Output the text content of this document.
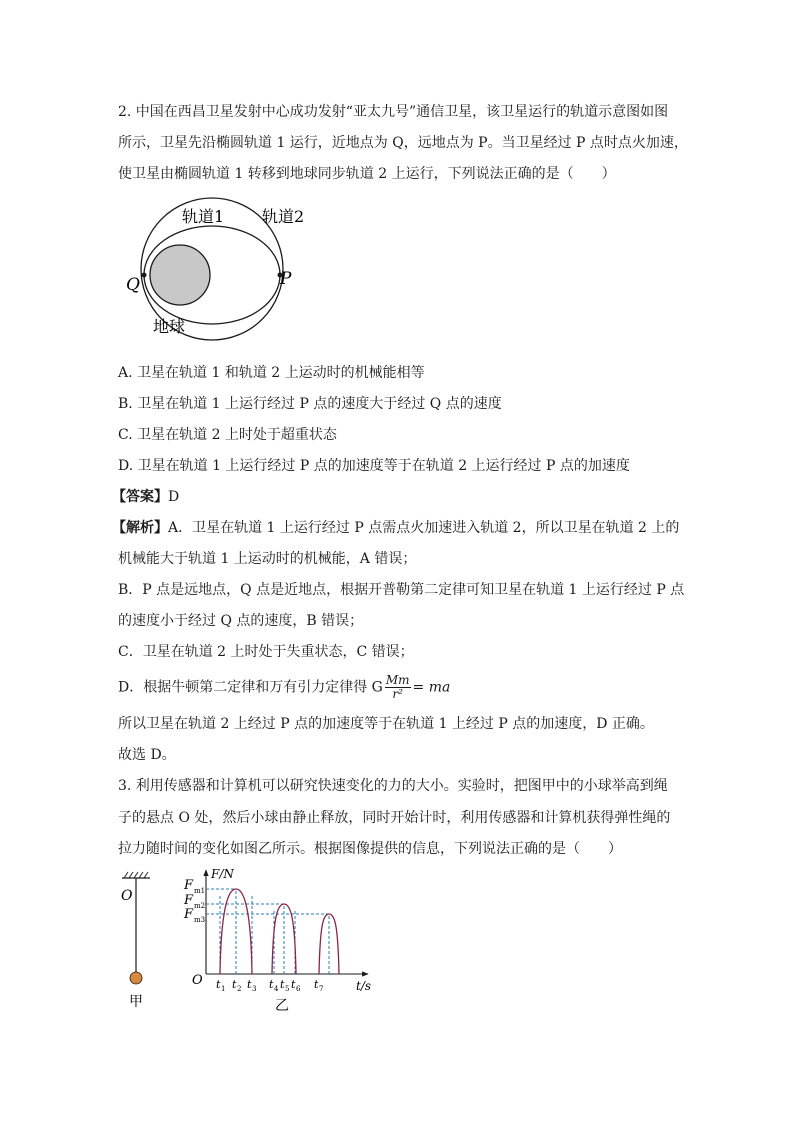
2. 中国在西昌卫星发射中心成功发射“亚太九号”通信卫星，该卫星运行的轨道示意图如图
所示，卫星先沿椭圆轨道 1 运行，近地点为 Q，远地点为 P。当卫星经过 P 点时点火加速，
使卫星由椭圆轨道 1 转移到地球同步轨道 2 上运行，下列说法正确的是（　　）
轨道1 轨道2
Q	P
地球
A. 卫星在轨道 1 和轨道 2 上运动时的机械能相等
B. 卫星在轨道 1 上运行经过 P 点的速度大于经过 Q 点的速度
C. 卫星在轨道 2 上时处于超重状态
D. 卫星在轨道 1 上运行经过 P 点的加速度等于在轨道 2 上运行经过 P 点的加速度
【答案】D
【解析】A．卫星在轨道 1 上运行经过 P 点需点火加速进入轨道 2，所以卫星在轨道 2 上的
机械能大于轨道 1 上运动时的机械能，A 错误；
B．P 点是远地点，Q 点是近地点，根据开普勒第二定律可知卫星在轨道 1 上运行经过 P 点
的速度小于经过 Q 点的速度，B 错误；
C．卫星在轨道 2 上时处于失重状态，C 错误；
D．根据牛顿第二定律和万有引力定律得 G $\frac{Mm}{\text{r²}}$ = ma
所以卫星在轨道 2 上经过 P 点的加速度等于在轨道 1 上经过 P 点的加速度，D 正确。
故选 D。
3. 利用传感器和计算机可以研究快速变化的力的大小。实验时，把图甲中的小球举高到绳
子的悬点 O 处，然后小球由静止释放，同时开始计时，利用传感器和计算机获得弹性绳的
拉力随时间的变化如图乙所示。根据图像提供的信息，下列说法正确的是（　　）
O
甲
F/N
O	t/s
F m1
F m2
F m3
t 1 t 2 t 3 t 4 t 5 t 6 t 7
乙
